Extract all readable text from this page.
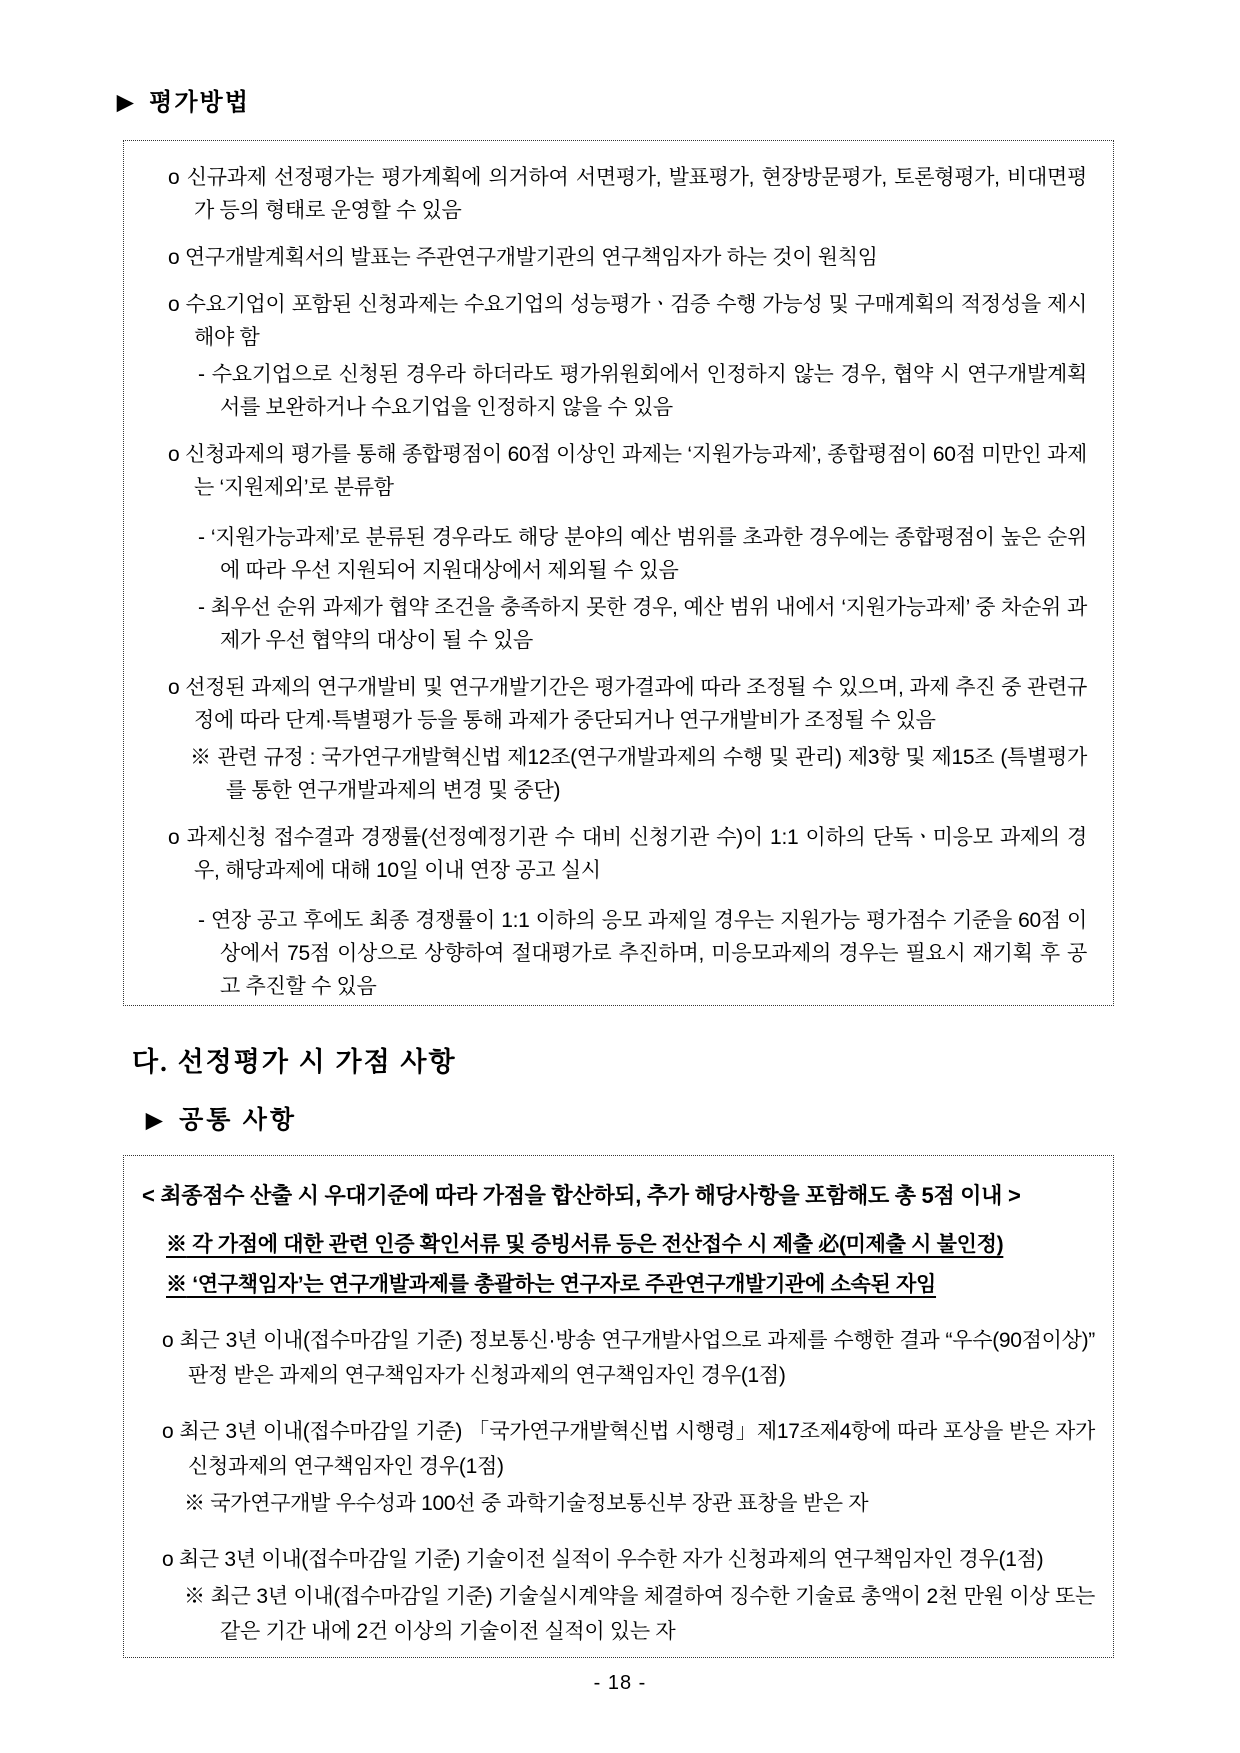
▶ 평가방법
o 신규과제 선정평가는 평가계획에 의거하여 서면평가, 발표평가, 현장방문평가, 토론형평가, 비대면평가 등의 형태로 운영할 수 있음
o 연구개발계획서의 발표는 주관연구개발기관의 연구책임자가 하는 것이 원칙임
o 수요기업이 포함된 신청과제는 수요기업의 성능평가ㆍ검증 수행 가능성 및 구매계획의 적정성을 제시해야 함
- 수요기업으로 신청된 경우라 하더라도 평가위원회에서 인정하지 않는 경우, 협약 시 연구개발계획서를 보완하거나 수요기업을 인정하지 않을 수 있음
o 신청과제의 평가를 통해 종합평점이 60점 이상인 과제는 ‘지원가능과제’, 종합평점이 60점 미만인 과제는 ‘지원제외’로 분류함
- ‘지원가능과제’로 분류된 경우라도 해당 분야의 예산 범위를 초과한 경우에는 종합평점이 높은 순위에 따라 우선 지원되어 지원대상에서 제외될 수 있음
- 최우선 순위 과제가 협약 조건을 충족하지 못한 경우, 예산 범위 내에서 ‘지원가능과제’ 중 차순위 과제가 우선 협약의 대상이 될 수 있음
o 선정된 과제의 연구개발비 및 연구개발기간은 평가결과에 따라 조정될 수 있으며, 과제 추진 중 관련규정에 따라 단계·특별평가 등을 통해 과제가 중단되거나 연구개발비가 조정될 수 있음
※ 관련 규정 : 국가연구개발혁신법 제12조(연구개발과제의 수행 및 관리) 제3항 및 제15조 (특별평가를 통한 연구개발과제의 변경 및 중단)
o 과제신청 접수결과 경쟁률(선정예정기관 수 대비 신청기관 수)이 1:1 이하의 단독ㆍ미응모 과제의 경우, 해당과제에 대해 10일 이내 연장 공고 실시
- 연장 공고 후에도 최종 경쟁률이 1:1 이하의 응모 과제일 경우는 지원가능 평가점수 기준을 60점 이상에서 75점 이상으로 상향하여 절대평가로 추진하며, 미응모과제의 경우는 필요시 재기획 후 공고 추진할 수 있음
다. 선정평가 시 가점 사항
▶ 공통 사항
< 최종점수 산출 시 우대기준에 따라 가점을 합산하되, 추가 해당사항을 포함해도 총 5점 이내 >
※ 각 가점에 대한 관련 인증 확인서류 및 증빙서류 등은 전산접수 시 제출 必(미제출 시 불인정)
※ ‘연구책임자’는 연구개발과제를 총괄하는 연구자로 주관연구개발기관에 소속된 자임
o 최근 3년 이내(접수마감일 기준) 정보통신·방송 연구개발사업으로 과제를 수행한 결과 “우수(90점이상)” 판정 받은 과제의 연구책임자가 신청과제의 연구책임자인 경우(1점)
o 최근 3년 이내(접수마감일 기준) 「국가연구개발혁신법 시행령」제17조제4항에 따라 포상을 받은 자가 신청과제의 연구책임자인 경우(1점)
※ 국가연구개발 우수성과 100선 중 과학기술정보통신부 장관 표창을 받은 자
o 최근 3년 이내(접수마감일 기준) 기술이전 실적이 우수한 자가 신청과제의 연구책임자인 경우(1점)
※ 최근 3년 이내(접수마감일 기준) 기술실시계약을 체결하여 징수한 기술료 총액이 2천 만원 이상 또는 같은 기간 내에 2건 이상의 기술이전 실적이 있는 자
- 18 -
